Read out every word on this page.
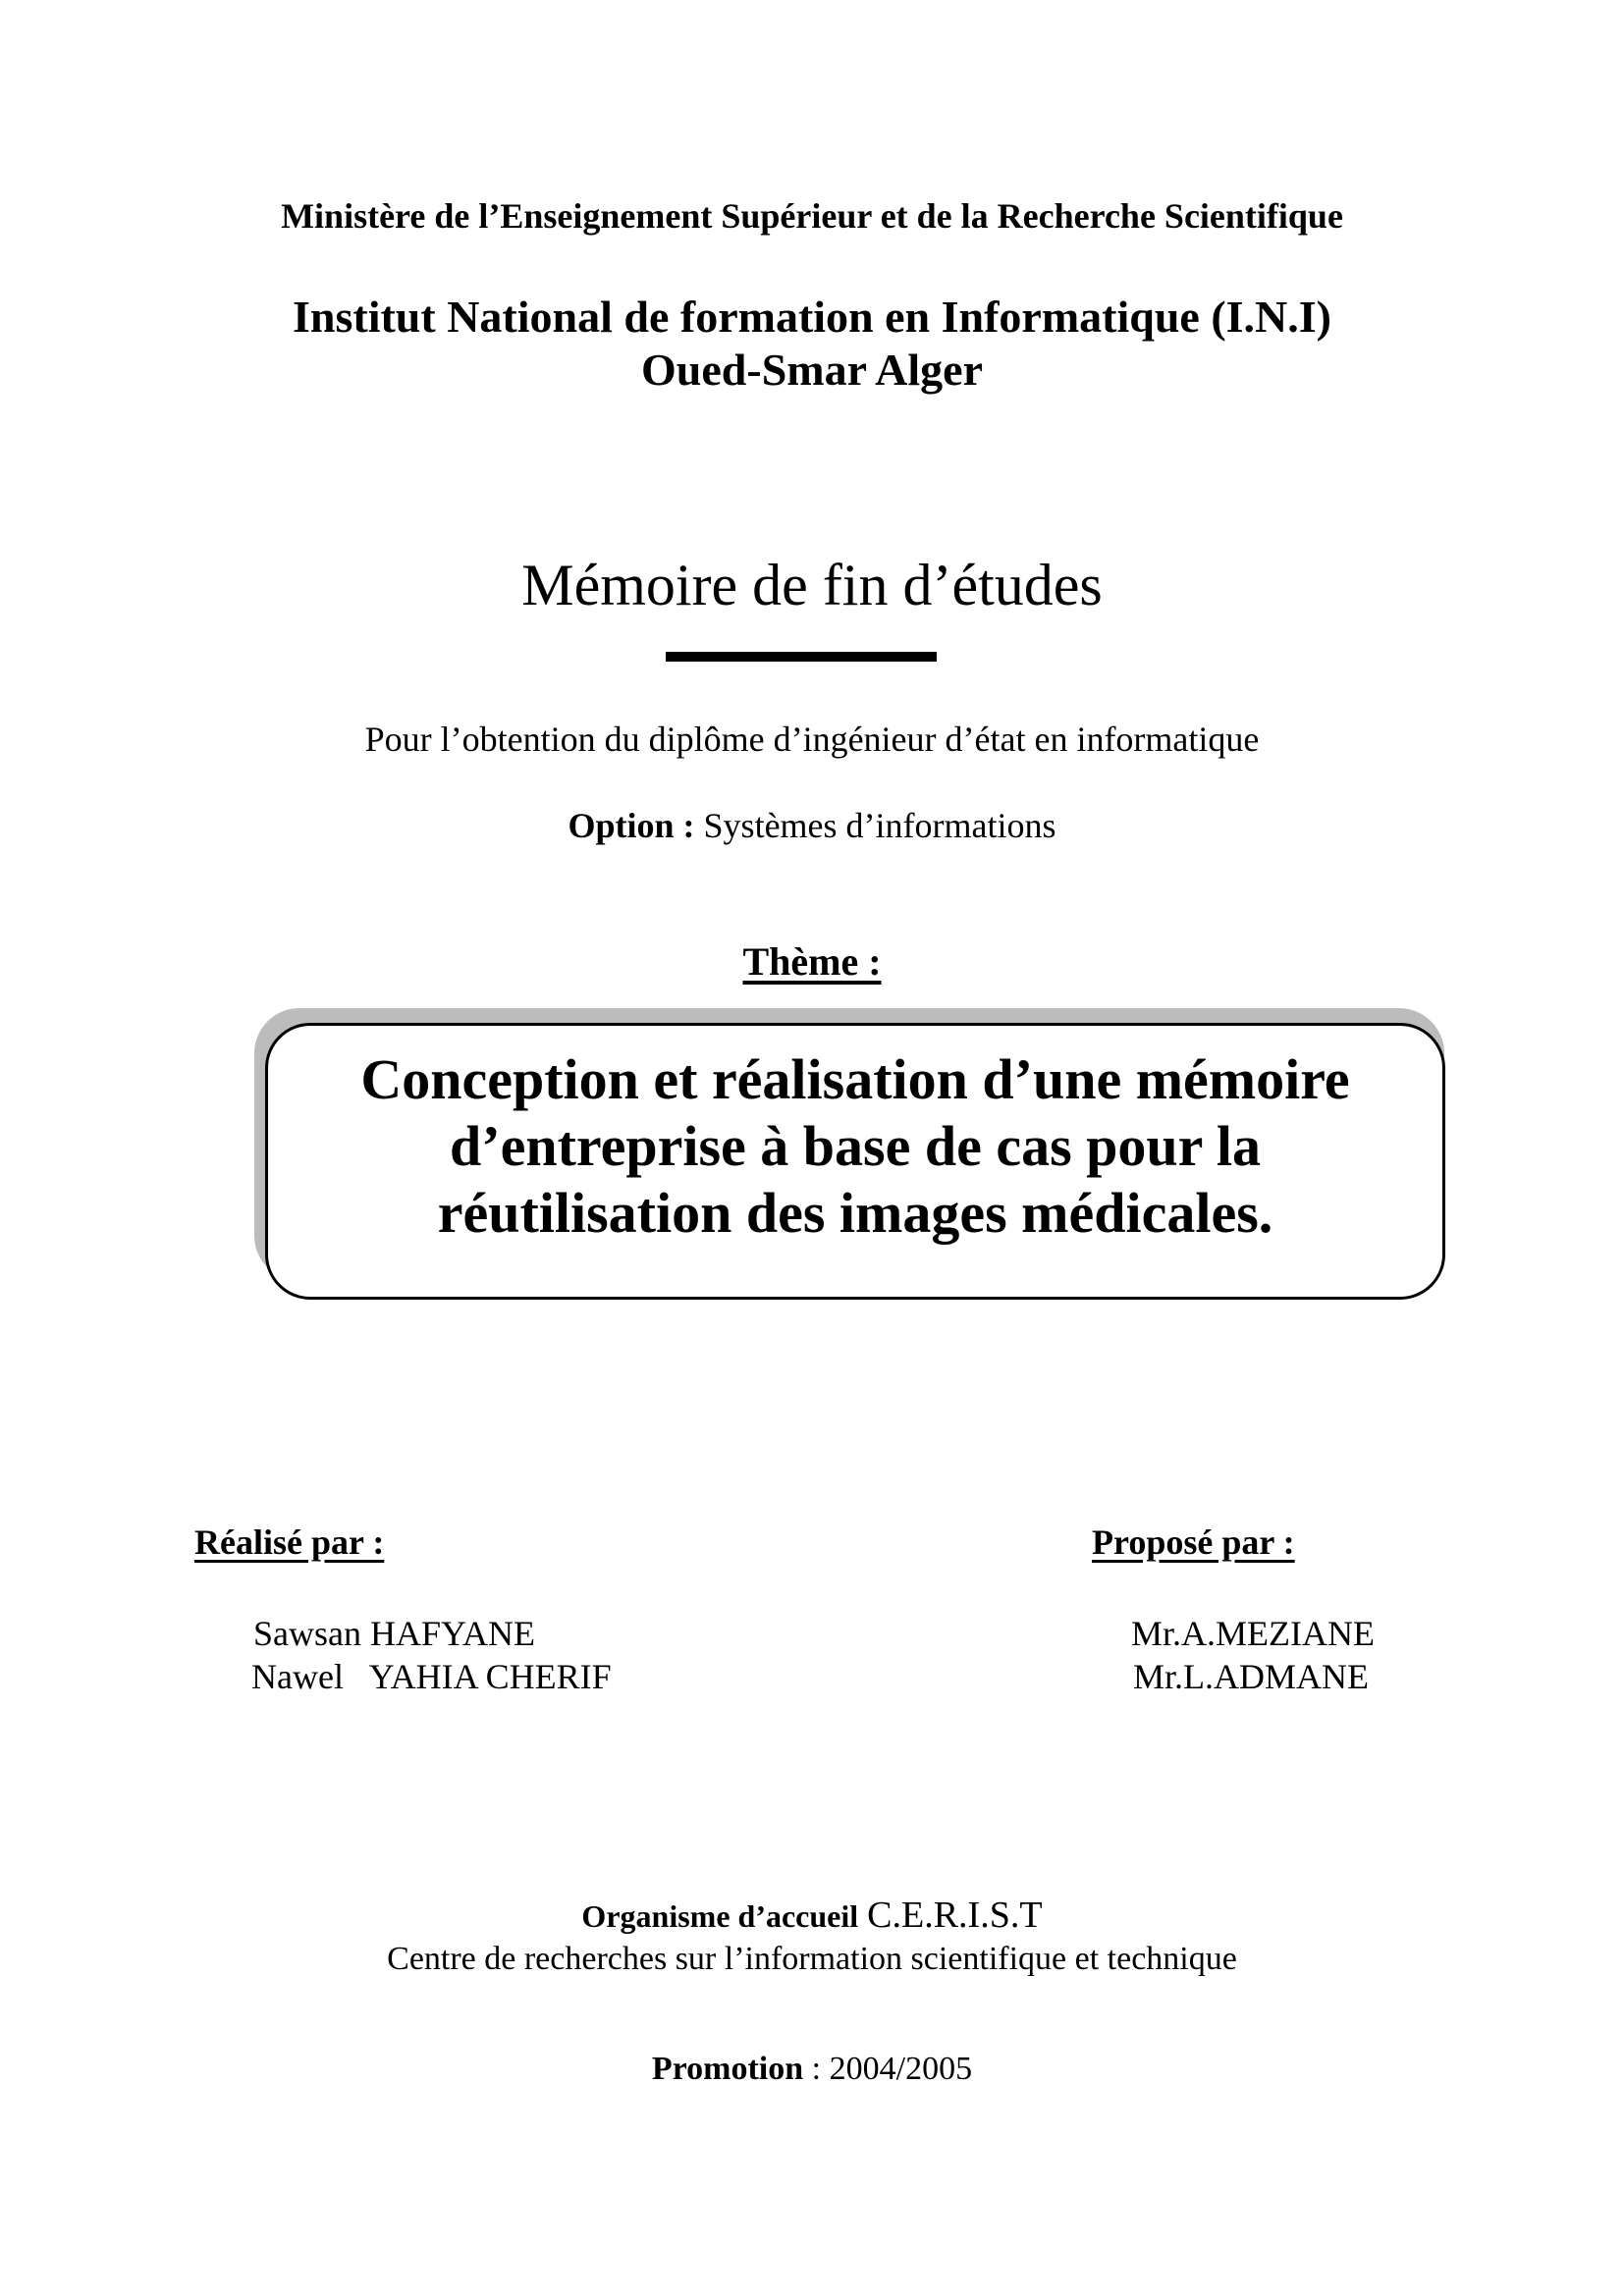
Ministère de l’Enseignement Supérieur et de la Recherche Scientifique
Institut National de formation en Informatique (I.N.I)
Oued-Smar Alger
Mémoire de fin d’études
Pour l’obtention du diplôme d’ingénieur d’état en informatique
Option : Systèmes d’informations
Thème :
Conception et réalisation d’une mémoire
d’entreprise à base de cas pour la
réutilisation des images médicales.
Réalisé par :	Proposé par :
Sawsan HAFYANE
Nawel   YAHIA CHERIF
Mr.A.MEZIANE
Mr.L.ADMANE
Organisme d’accueil C.E.R.I.S.T
Centre de recherches sur l’information scientifique et technique
Promotion : 2004/2005
